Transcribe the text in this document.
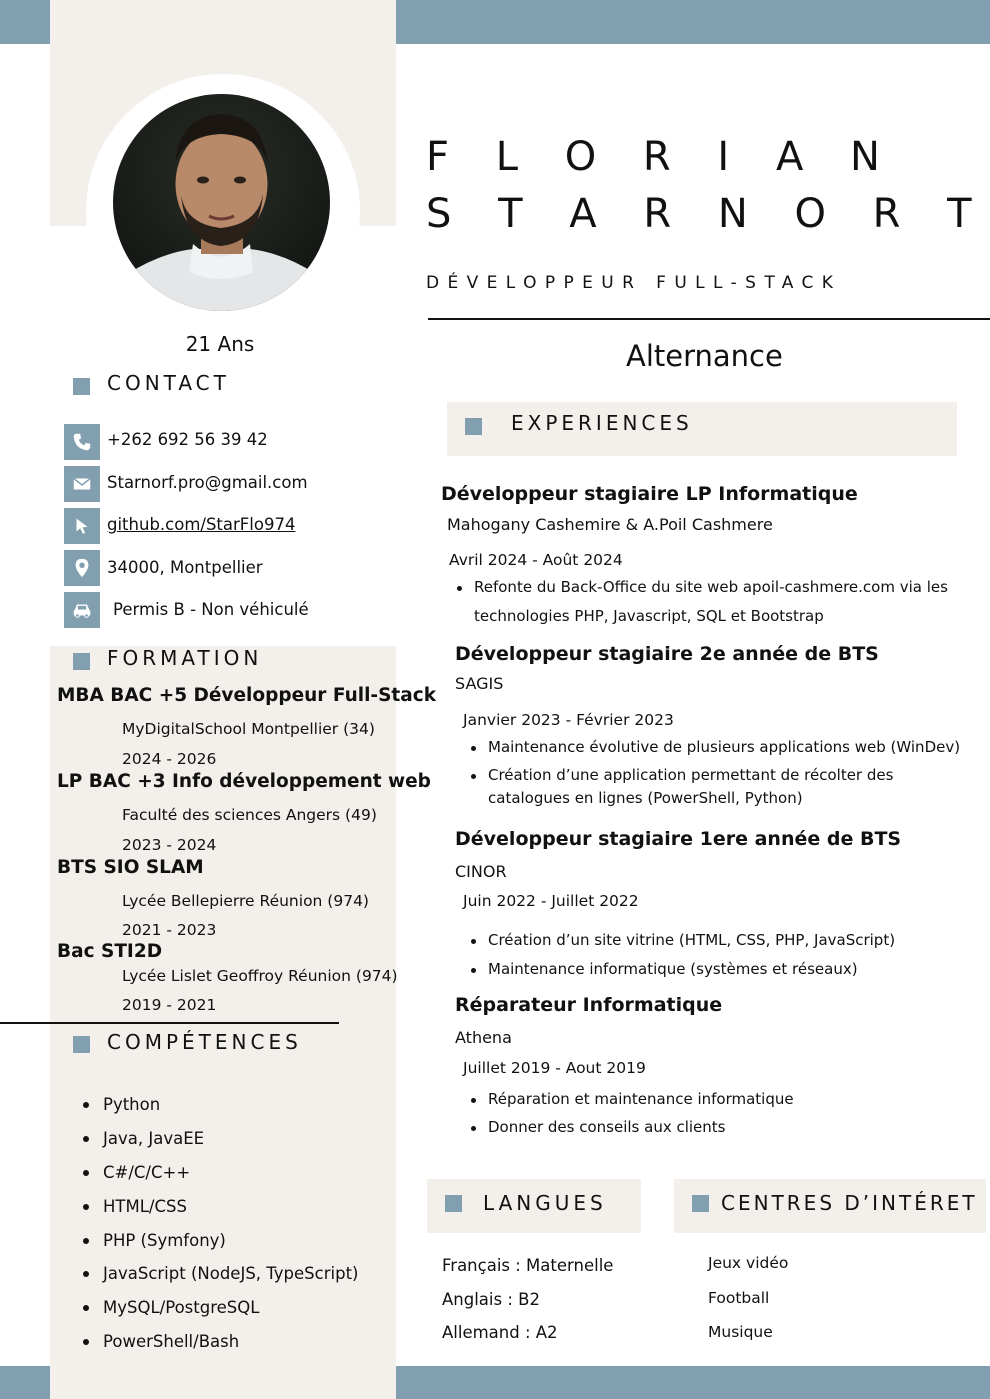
21 Ans
CONTACT
+262 692 56 39 42
Starnorf.pro@gmail.com
github.com/StarFlo974
34000, Montpellier
Permis B - Non véhiculé
FORMATION
MBA BAC +5 Développeur Full-Stack
MyDigitalSchool Montpellier (34)
2024 - 2026
LP BAC +3 Info développement web
Faculté des sciences Angers (49)
2023 - 2024
BTS SIO SLAM
Lycée Bellepierre Réunion (974)
2021 - 2023
Bac STI2D
Lycée Lislet Geoffroy Réunion (974)
2019 - 2021
COMPÉTENCES
Python
Java, JavaEE
C#/C/C++
HTML/CSS
PHP (Symfony)
JavaScript (NodeJS, TypeScript)
MySQL/PostgreSQL
PowerShell/Bash
F L O R I A N
S T A R N O R T
DÉVELOPPEUR FULL-STACK
Alternance
EXPERIENCES
Développeur stagiaire LP Informatique
Mahogany Cashemire & A.Poil Cashmere
Avril 2024 - Août 2024
Refonte du Back-Office du site web apoil-cashmere.com via les
technologies PHP, Javascript, SQL et Bootstrap
Développeur stagiaire 2e année de BTS
SAGIS
Janvier 2023 - Février 2023
Maintenance évolutive de plusieurs applications web (WinDev)
Création d’une application permettant de récolter des
catalogues en lignes (PowerShell, Python)
Développeur stagiaire 1ere année de BTS
CINOR
Juin 2022 - Juillet 2022
Création d’un site vitrine (HTML, CSS, PHP, JavaScript)
Maintenance informatique (systèmes et réseaux)
Réparateur Informatique
Athena
Juillet 2019 - Aout 2019
Réparation et maintenance informatique
Donner des conseils aux clients
LANGUES
Français : Maternelle
Anglais : B2
Allemand : A2
CENTRES D’INTÉRET
Jeux vidéo
Football
Musique
